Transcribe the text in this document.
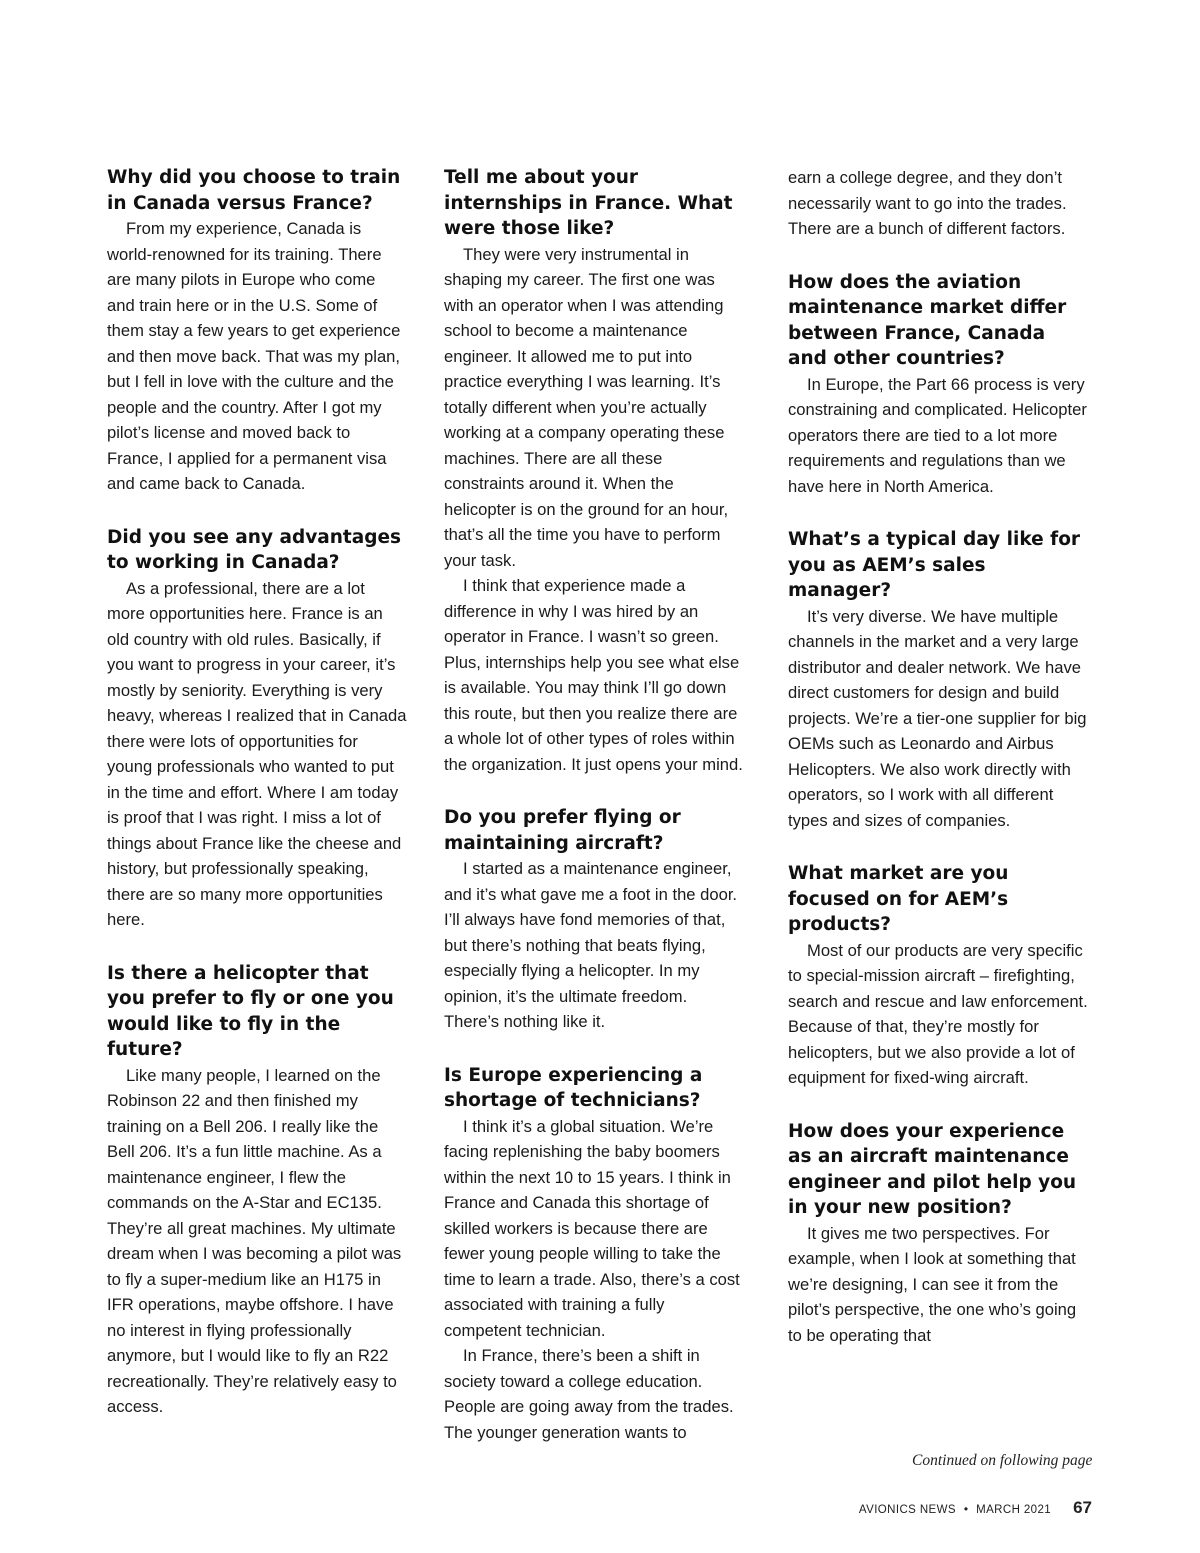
Why did you choose to train in Canada versus France?

From my experience, Canada is world-renowned for its training. There are many pilots in Europe who come and train here or in the U.S. Some of them stay a few years to get experience and then move back. That was my plan, but I fell in love with the culture and the people and the country. After I got my pilot’s license and moved back to France, I applied for a permanent visa and came back to Canada.

Did you see any advantages to working in Canada?

As a professional, there are a lot more opportunities here. France is an old country with old rules. Basically, if you want to progress in your career, it’s mostly by seniority. Everything is very heavy, whereas I realized that in Canada there were lots of opportunities for young professionals who wanted to put in the time and effort. Where I am today is proof that I was right. I miss a lot of things about France like the cheese and history, but professionally speaking, there are so many more opportunities here.

Is there a helicopter that you prefer to fly or one you would like to fly in the future?

Like many people, I learned on the Robinson 22 and then finished my training on a Bell 206. I really like the Bell 206. It’s a fun little machine. As a maintenance engineer, I flew the commands on the A-Star and EC135. They’re all great machines. My ultimate dream when I was becoming a pilot was to fly a super-medium like an H175 in IFR operations, maybe offshore. I have no interest in flying professionally anymore, but I would like to fly an R22 recreationally. They’re relatively easy to access.

Tell me about your internships in France. What were those like?

They were very instrumental in shaping my career. The first one was with an operator when I was attending school to become a maintenance engineer. It allowed me to put into practice everything I was learning. It’s totally different when you’re actually working at a company operating these machines. There are all these constraints around it. When the helicopter is on the ground for an hour, that’s all the time you have to perform your task.

I think that experience made a difference in why I was hired by an operator in France. I wasn’t so green. Plus, internships help you see what else is available. You may think I’ll go down this route, but then you realize there are a whole lot of other types of roles within the organization. It just opens your mind.

Do you prefer flying or maintaining aircraft?

I started as a maintenance engineer, and it’s what gave me a foot in the door. I’ll always have fond memories of that, but there’s nothing that beats flying, especially flying a helicopter. In my opinion, it’s the ultimate freedom. There’s nothing like it.

Is Europe experiencing a shortage of technicians?

I think it’s a global situation. We’re facing replenishing the baby boomers within the next 10 to 15 years. I think in France and Canada this shortage of skilled workers is because there are fewer young people willing to take the time to learn a trade. Also, there’s a cost associated with training a fully competent technician.

In France, there’s been a shift in society toward a college education. People are going away from the trades. The younger generation wants to

earn a college degree, and they don’t necessarily want to go into the trades. There are a bunch of different factors.

How does the aviation maintenance market differ between France, Canada and other countries?

In Europe, the Part 66 process is very constraining and complicated. Helicopter operators there are tied to a lot more requirements and regulations than we have here in North America.

What’s a typical day like for you as AEM’s sales manager?

It’s very diverse. We have multiple channels in the market and a very large distributor and dealer network. We have direct customers for design and build projects. We’re a tier-one supplier for big OEMs such as Leonardo and Airbus Helicopters. We also work directly with operators, so I work with all different types and sizes of companies.

What market are you focused on for AEM’s products?

Most of our products are very specific to special-mission aircraft – firefighting, search and rescue and law enforcement. Because of that, they’re mostly for helicopters, but we also provide a lot of equipment for fixed-wing aircraft.

How does your experience as an aircraft maintenance engineer and pilot help you in your new position?

It gives me two perspectives. For example, when I look at something that we’re designing, I can see it from the pilot’s perspective, the one who’s going to be operating that

Continued on following page
AVIONICS NEWS • MARCH 2021 67
